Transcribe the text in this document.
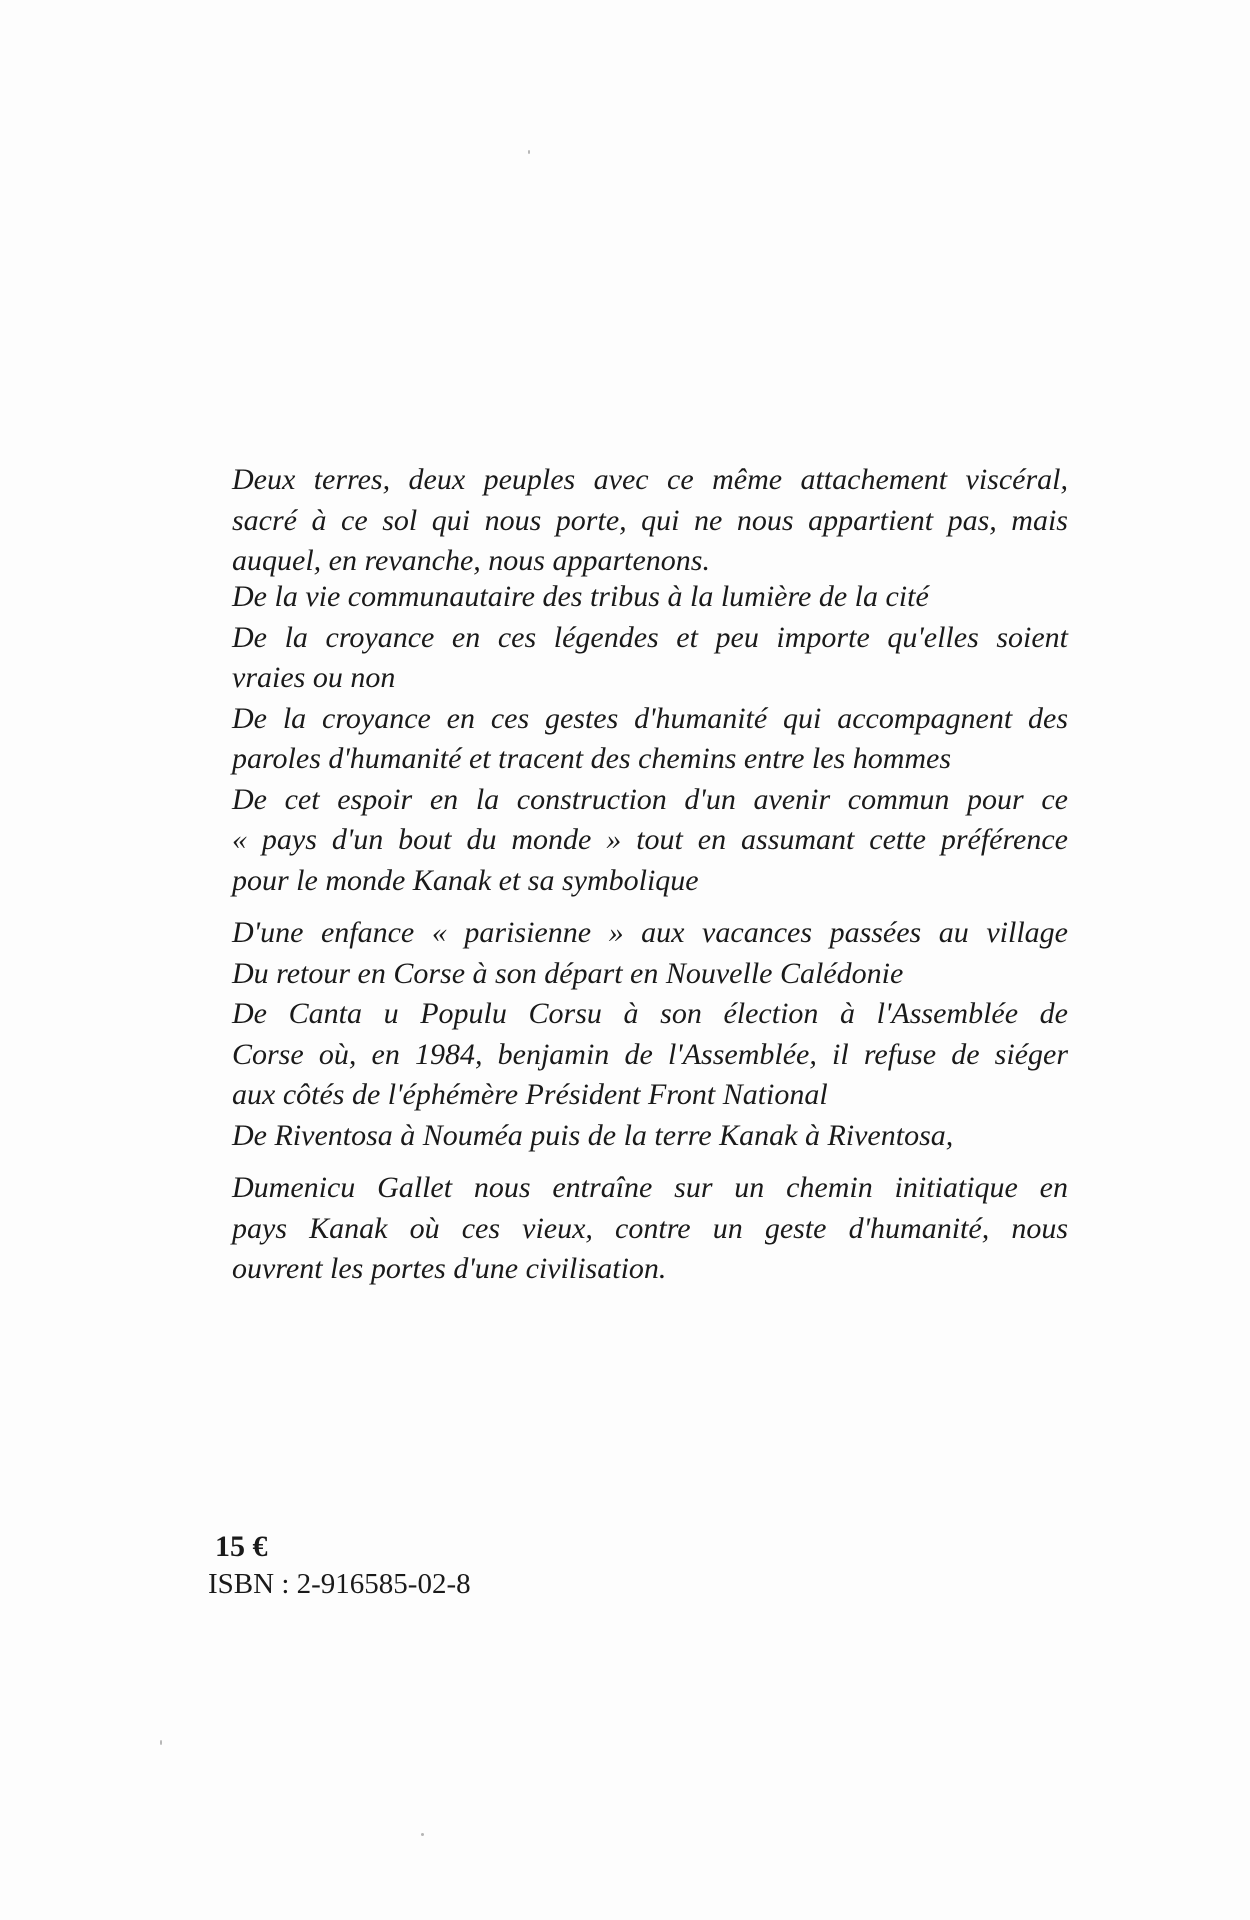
Deux terres, deux peuples avec ce même attachement viscéral,
sacré à ce sol qui nous porte, qui ne nous appartient pas, mais
auquel, en revanche, nous appartenons.
De la vie communautaire des tribus à la lumière de la cité
De la croyance en ces légendes et peu importe qu'elles soient
vraies ou non
De la croyance en ces gestes d'humanité qui accompagnent des
paroles d'humanité et tracent des chemins entre les hommes
De cet espoir en la construction d'un avenir commun pour ce
« pays d'un bout du monde » tout en assumant cette préférence
pour le monde Kanak et sa symbolique
D'une enfance « parisienne » aux vacances passées au village
Du retour en Corse à son départ en Nouvelle Calédonie
De Canta u Populu Corsu à son élection à l'Assemblée de
Corse où, en 1984, benjamin de l'Assemblée, il refuse de siéger
aux côtés de l'éphémère Président Front National
De Riventosa à Nouméa puis de la terre Kanak à Riventosa,
Dumenicu Gallet nous entraîne sur un chemin initiatique en
pays Kanak où ces vieux, contre un geste d'humanité, nous
ouvrent les portes d'une civilisation.
15 €
ISBN : 2-916585-02-8
